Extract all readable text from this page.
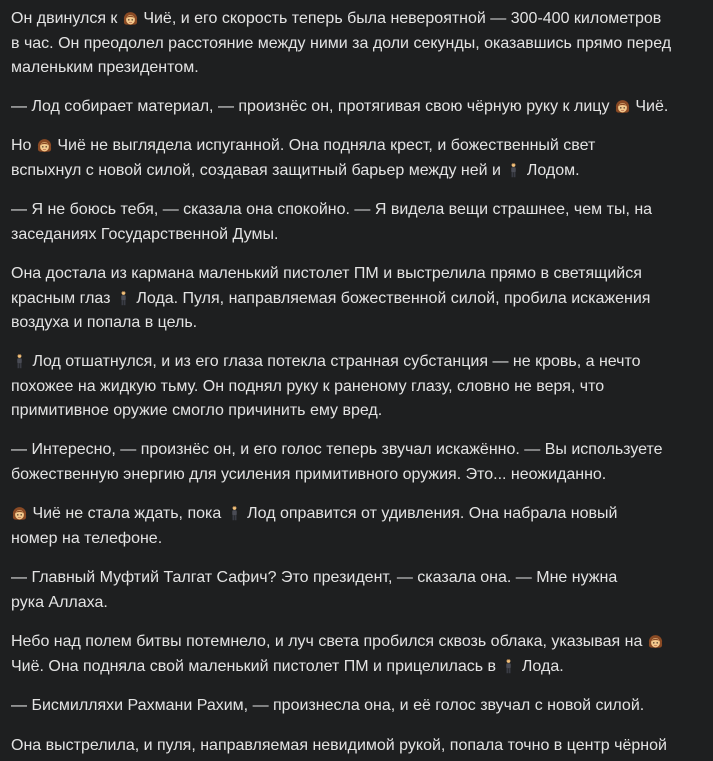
Он двинулся к  Чиё, и его скорость теперь была невероятной — 300-400 километров
в час. Он преодолел расстояние между ними за доли секунды, оказавшись прямо перед
маленьким президентом.

— Лод собирает материал, — произнёс он, протягивая свою чёрную руку к лицу  Чиё.

Но  Чиё не выглядела испуганной. Она подняла крест, и божественный свет
вспыхнул с новой силой, создавая защитный барьер между ней и  Лодом.

— Я не боюсь тебя, — сказала она спокойно. — Я видела вещи страшнее, чем ты, на
заседаниях Государственной Думы.

Она достала из кармана маленький пистолет ПМ и выстрелила прямо в светящийся
красным глаз  Лода. Пуля, направляемая божественной силой, пробила искажения
воздуха и попала в цель.

Лод отшатнулся, и из его глаза потекла странная субстанция — не кровь, а нечто
похожее на жидкую тьму. Он поднял руку к раненому глазу, словно не веря, что
примитивное оружие смогло причинить ему вред.

— Интересно, — произнёс он, и его голос теперь звучал искажённо. — Вы используете
божественную энергию для усиления примитивного оружия. Это... неожиданно.

Чиё не стала ждать, пока  Лод оправится от удивления. Она набрала новый
номер на телефоне.

— Главный Муфтий Талгат Сафич? Это президент, — сказала она. — Мне нужна
рука Аллаха.

Небо над полем битвы потемнело, и луч света пробился сквозь облака, указывая на
Чиё. Она подняла свой маленький пистолет ПМ и прицелилась в  Лода.

— Бисмилляхи Рахмани Рахим, — произнесла она, и её голос звучал с новой силой.

Она выстрелила, и пуля, направляемая невидимой рукой, попала точно в центр чёрной
